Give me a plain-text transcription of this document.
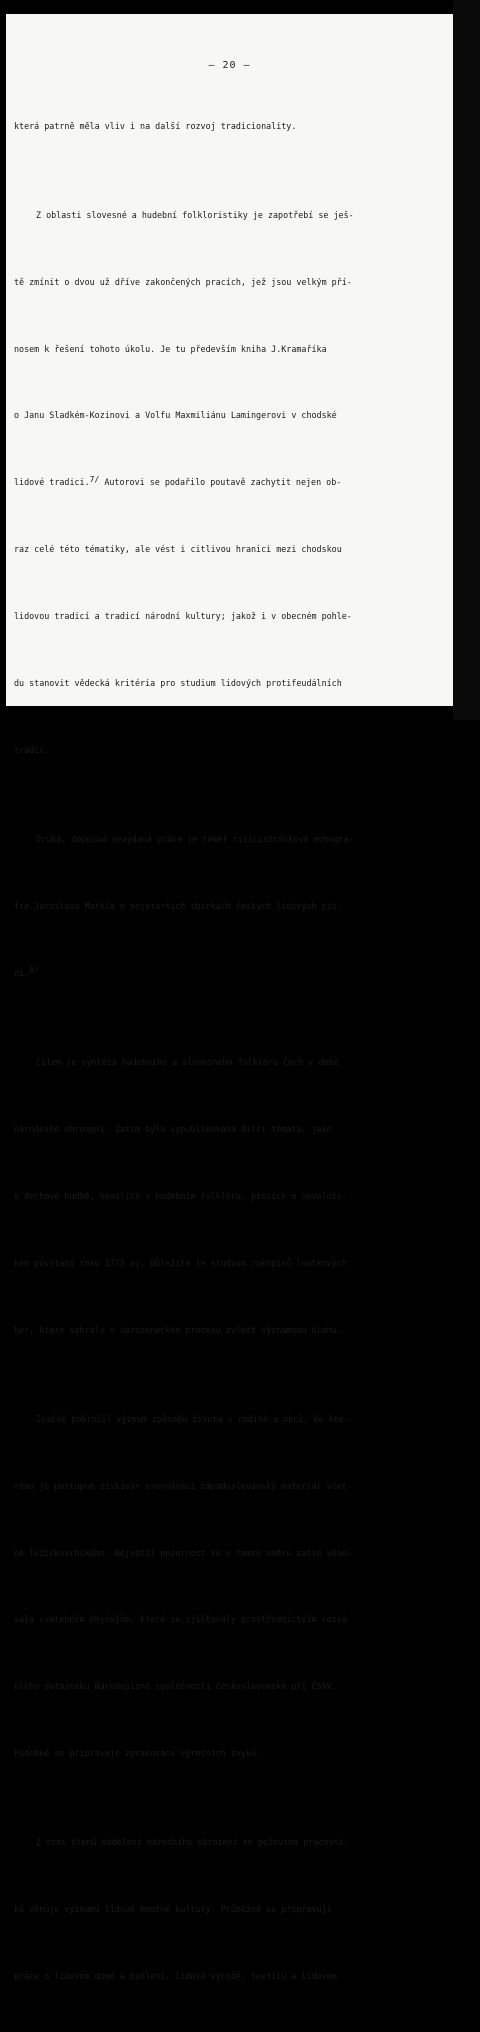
– 20 –

která patrně měla vliv i na další rozvoj tradicionality.

Z oblasti slovesné a hudební folkloristiky je zapotřebí se ješ-

tě zmínit o dvou už dříve zakončených pracích, jež jsou velkým pří-

nosem k řešení tohoto úkolu. Je tu především kniha J.Kramaříka

o Janu Sladkém-Kozinovi a Volfu Maxmiliánu Lamingerovi v chodské

lidové tradici.$^{7/}$ Autorovi se podařilo poutavě zachytit nejen ob-

raz celé této tématiky, ale vést i citlivou hranici mezi chodskou

lidovou tradicí a tradicí národní kultury; jakož i v obecném pohle-

du stanovit vědecká kritéria pro studium lidových protifeudálních

tradic.

Druhá, doposud nevydaná práce je téměř tisícistránková monogra-

fie Jaroslava Markla o nejstarších sbírkách českých lidových pís-

ní.$^{8/}$

Cílem je syntéza hudebního a slovesného folklóru Čech v době

národního obrození. Zatím byla vypublikována dílčí témata, jako

o dechové hudbě, houslích v hudebním folklóru, písních o nevolnic-

kém povstání roku 1775 aj. Důležité je studium rukopisů loutkových

her, které sehrály v obrozeneckém procesu zvlášť významnou úlohu.

Značně pokročil výzkum způsobu života v rodině a obci, ke kte-

rému je postupně získáván srovnávací západoslovanský materiál včet-

ně lužickosrbského. Největší pozornost se v tomto směru zatím věno-

vala svatebním obyčejům, které se zjišťovaly prostřednictvím rozsá-

hlého dotazníku Národopisné společnosti československé při ČSAV.

Podobně se připravuje zpracování výročních zvyků.

Z osmi členů oddělení národního obrození se polovina pracovní-

ků věnuje výzkumu lidové hmotné kultury. Průběžně se připravují

práce o lidovém domě a bydlení, lidové výrobě, textilu a lidovém
